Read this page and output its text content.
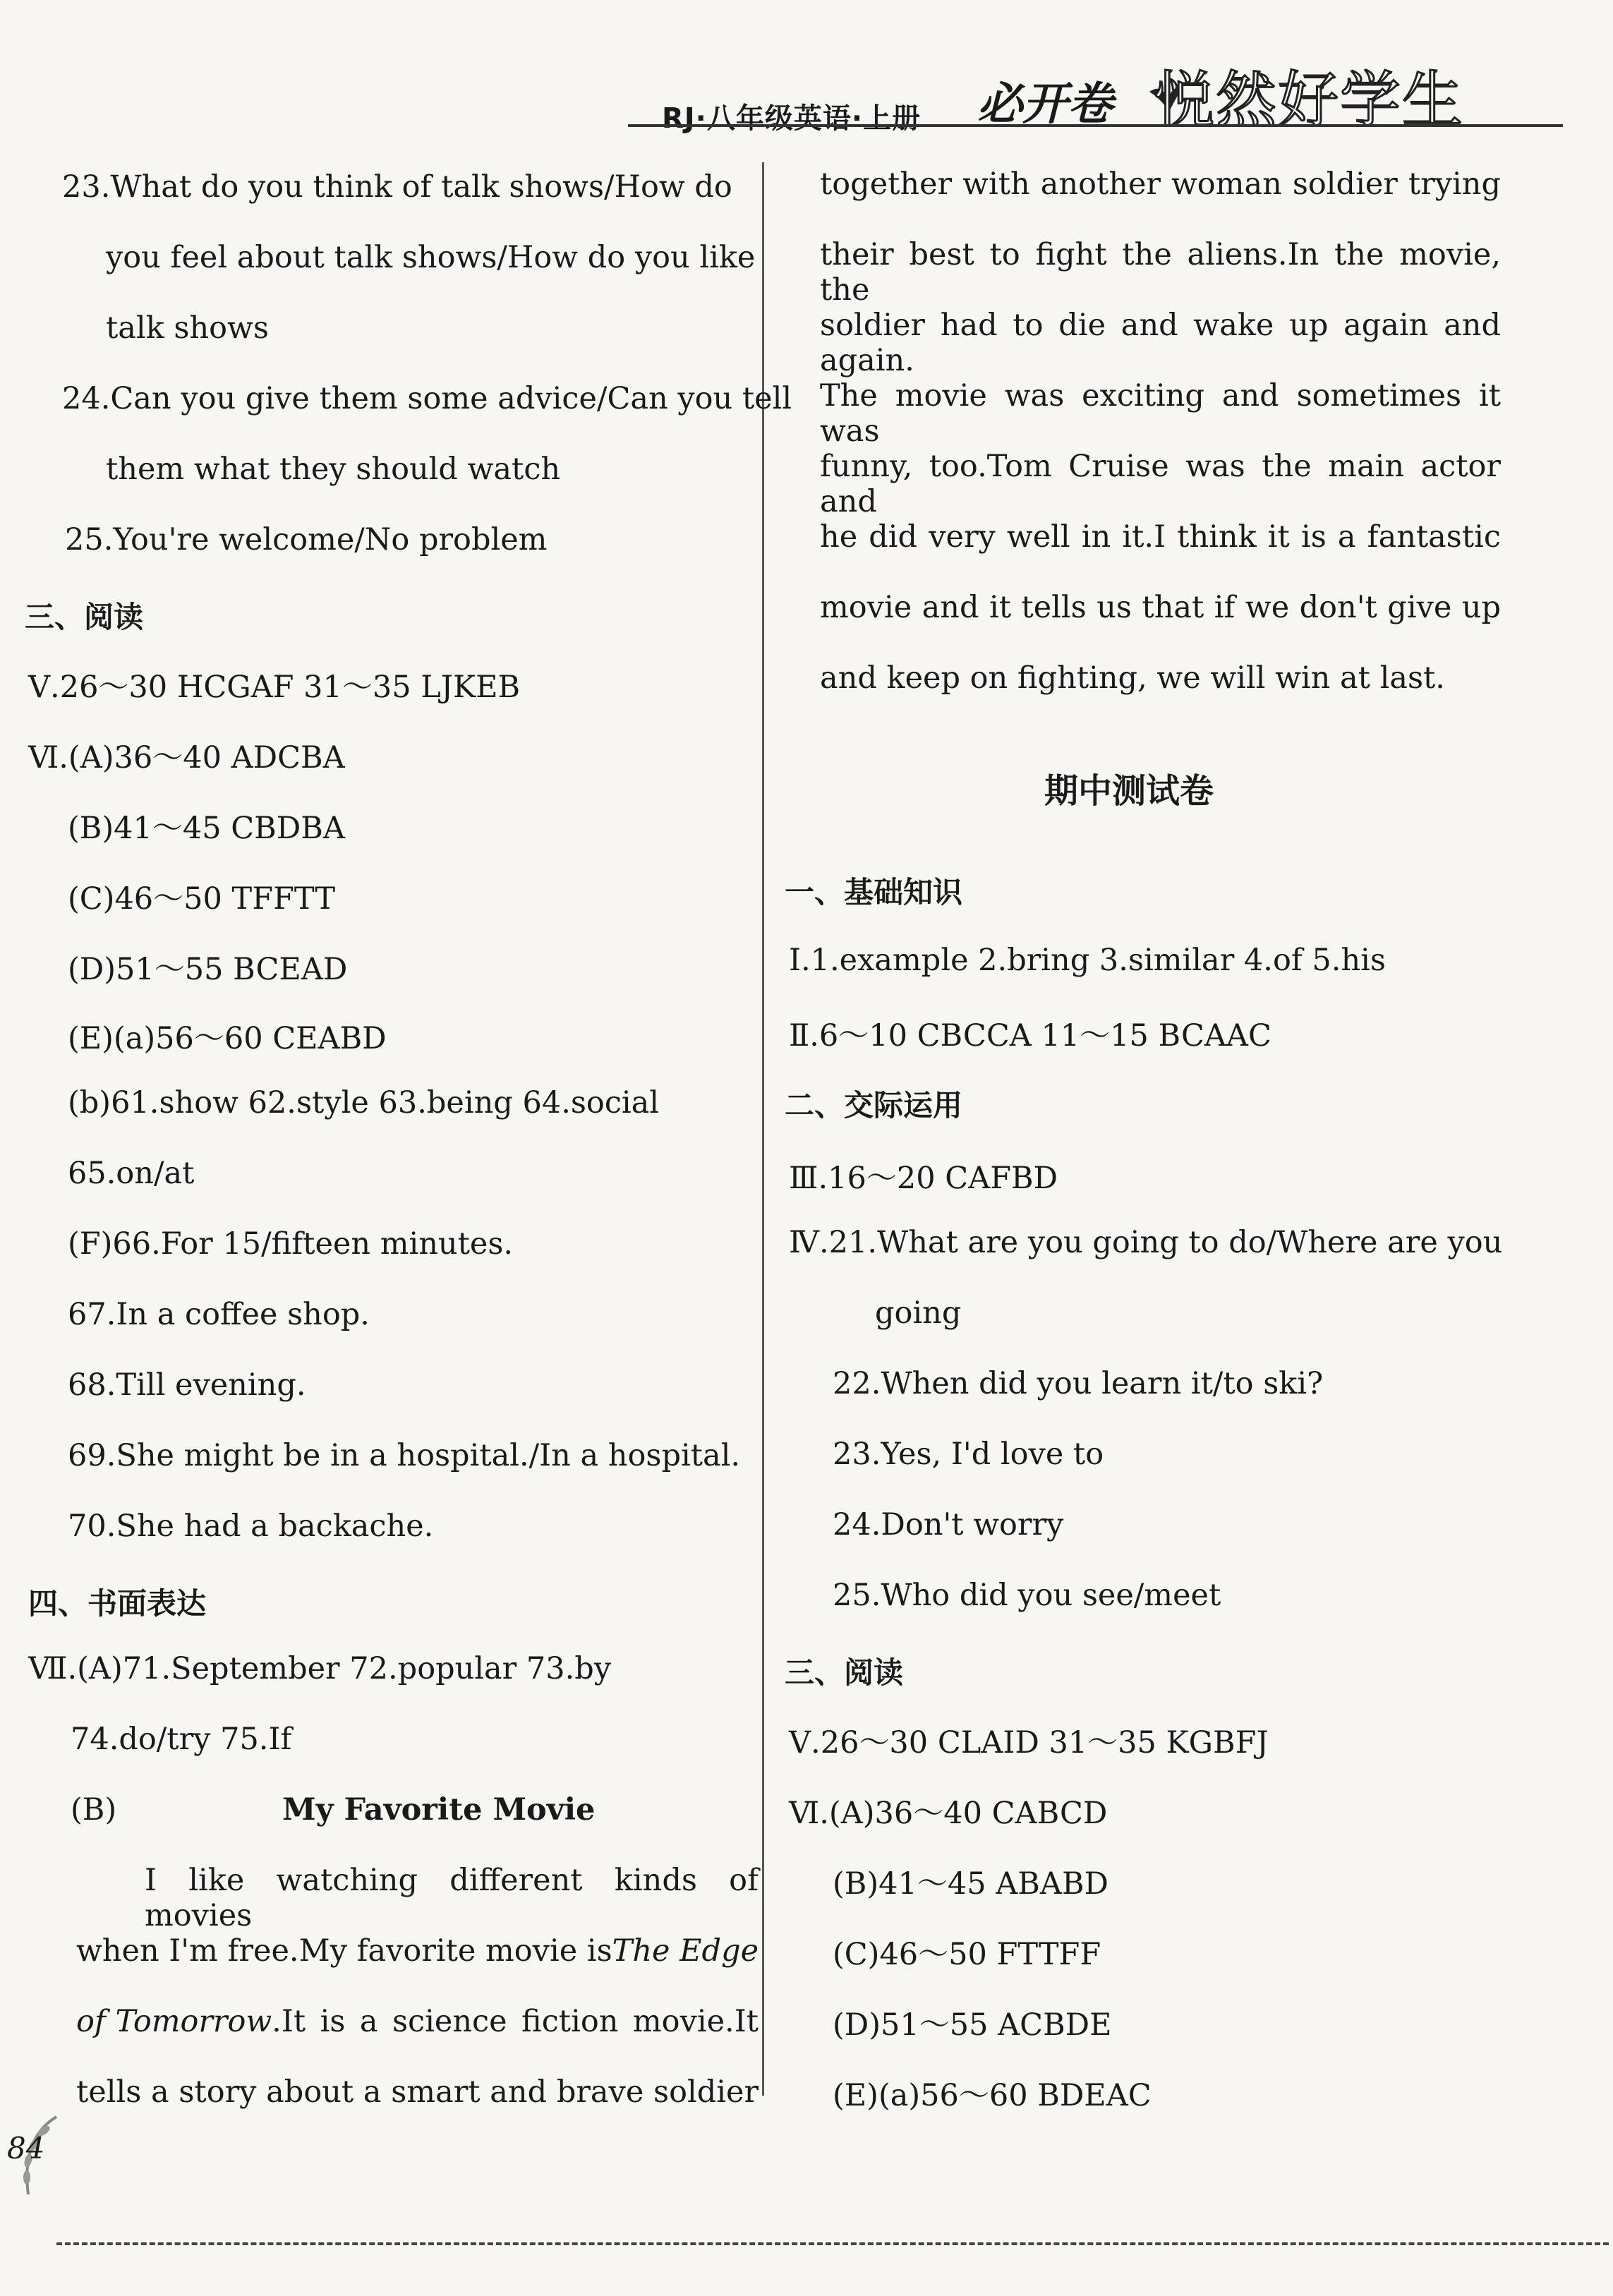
RJ·八年级英语·上册 必开卷 悦然好学生
23.What do you think of talk shows/How do
you feel about talk shows/How do you like
talk shows
24.Can you give them some advice/Can you tell
them what they should watch
25.You're welcome/No problem
三、阅读
Ⅴ.26～30 HCGAF 31～35 LJKEB
Ⅵ.(A)36～40 ADCBA
(B)41～45 CBDBA
(C)46～50 TFFTT
(D)51～55 BCEAD
(E)(a)56～60 CEABD
(b)61.show 62.style 63.being 64.social
65.on/at
(F)66.For 15/fifteen minutes.
67.In a coffee shop.
68.Till evening.
69.She might be in a hospital./In a hospital.
70.She had a backache.
四、书面表达
Ⅶ.(A)71.September 72.popular 73.by
74.do/try 75.If
(B)	My Favorite Movie
I like watching different kinds of movies
when I'm free.My favorite movie is The Edge
of Tomorrow .It is a science fiction movie.It
tells a story about a smart and brave soldier
together with another woman soldier trying
their best to fight the aliens.In the movie, the
soldier had to die and wake up again and again.
The movie was exciting and sometimes it was
funny, too.Tom Cruise was the main actor and
he did very well in it.I think it is a fantastic
movie and it tells us that if we don't give up
and keep on fighting, we will win at last.
期中测试卷
一、基础知识
Ⅰ.1.example 2.bring 3.similar 4.of 5.his
Ⅱ.6～10 CBCCA 11～15 BCAAC
二、交际运用
Ⅲ.16～20 CAFBD
Ⅳ.21.What are you going to do/Where are you
going
22.When did you learn it/to ski?
23.Yes, I'd love to
24.Don't worry
25.Who did you see/meet
三、阅读
Ⅴ.26～30 CLAID 31～35 KGBFJ
Ⅵ.(A)36～40 CABCD
(B)41～45 ABABD
(C)46～50 FTTFF
(D)51～55 ACBDE
(E)(a)56～60 BDEAC
84
